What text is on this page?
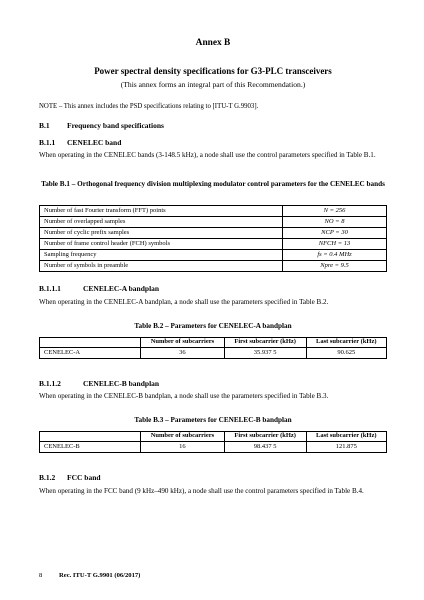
Annex B
Power spectral density specifications for G3-PLC transceivers
(This annex forms an integral part of this Recommendation.)
NOTE – This annex includes the PSD specifications relating to [ITU-T G.9903].
B.1 Frequency band specifications
B.1.1 CENELEC band
When operating in the CENELEC bands (3-148.5 kHz), a node shall use the control parameters specified in Table B.1.
Table B.1 – Orthogonal frequency division multiplexing modulator control parameters for the CENELEC bands
Number of fast Fourier transform (FFT) points	N = 256
Number of overlapped samples	NO = 8
Number of cyclic prefix samples	NCP = 30
Number of frame control header (FCH) symbols	NFCH = 13
Sampling frequency	fs = 0.4 MHz
Number of symbols in preamble	Npre = 9.5
B.1.1.1	CENELEC-A bandplan
When operating in the CENELEC-A bandplan, a node shall use the parameters specified in Table B.2.
Table B.2 – Parameters for CENELEC-A bandplan
	Number of subcarriers	First subcarrier (kHz)	Last subcarrier (kHz)
CENELEC-A	36	35.937 5	90.625
B.1.1.2	CENELEC-B bandplan
When operating in the CENELEC-B bandplan, a node shall use the parameters specified in Table B.3.
Table B.3 – Parameters for CENELEC-B bandplan
	Number of subcarriers	First subcarrier (kHz)	Last subcarrier (kHz)
CENELEC-B	16	98.437 5	121.875
B.1.2 FCC band
When operating in the FCC band (9 kHz–490 kHz), a node shall use the control parameters specified in Table B.4.
8	Rec. ITU-T G.9901 (06/2017)
